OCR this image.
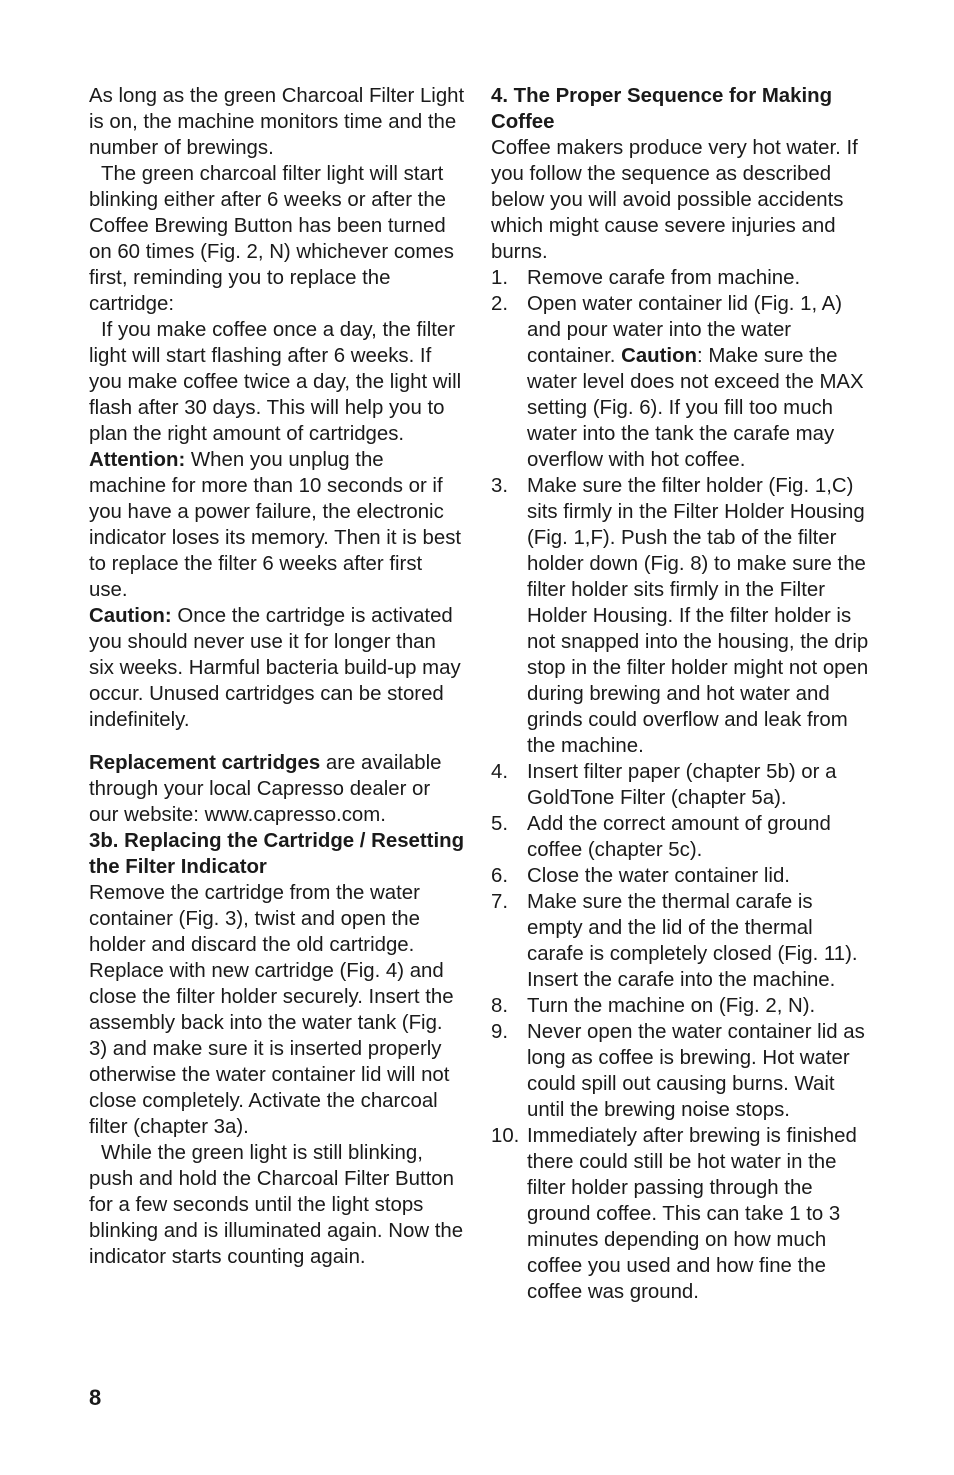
As long as the green Charcoal Filter Light is on, the machine monitors time and the number of brewings.

The green charcoal filter light will start blinking either after 6 weeks or after the Coffee Brewing Button has been turned on 60 times (Fig. 2, N) whichever comes first, reminding you to replace the cartridge:

If you make coffee once a day, the filter light will start flashing after 6 weeks. If you make coffee twice a day, the light will flash after 30 days. This will help you to plan the right amount of cartridges.

Attention: When you unplug the machine for more than 10 seconds or if you have a power failure, the electronic indicator loses its memory. Then it is best to replace the filter 6 weeks after first use.

Caution: Once the cartridge is activated you should never use it for longer than six weeks. Harmful bacteria build-up may occur. Unused cartridges can be stored indefinitely.

Replacement cartridges are available through your local Capresso dealer or our website: www.capresso.com.

3b. Replacing the Cartridge / Resetting the Filter Indicator

Remove the cartridge from the water container (Fig. 3), twist and open the holder and discard the old cartridge. Replace with new cartridge (Fig. 4) and close the filter holder securely. Insert the assembly back into the water tank (Fig. 3) and make sure it is inserted properly otherwise the water container lid will not close completely. Activate the charcoal filter (chapter 3a).

While the green light is still blinking, push and hold the Charcoal Filter Button for a few seconds until the light stops blinking and is illuminated again. Now the indicator starts counting again.

4. The Proper Sequence for Making Coffee

Coffee makers produce very hot water. If you follow the sequence as described below you will avoid possible accidents which might cause severe injuries and burns.

1. Remove carafe from machine.
2. Open water container lid (Fig. 1, A) and pour water into the water container. Caution: Make sure the water level does not exceed the MAX setting (Fig. 6). If you fill too much water into the tank the carafe may overflow with hot coffee.
3. Make sure the filter holder (Fig. 1,C) sits firmly in the Filter Holder Housing (Fig. 1,F). Push the tab of the filter holder down (Fig. 8) to make sure the filter holder sits firmly in the Filter Holder Housing. If the filter holder is not snapped into the housing, the drip stop in the filter holder might not open during brewing and hot water and grinds could overflow and leak from the machine.
4. Insert filter paper (chapter 5b) or a GoldTone Filter (chapter 5a).
5. Add the correct amount of ground coffee (chapter 5c).
6. Close the water container lid.
7. Make sure the thermal carafe is empty and the lid of the thermal carafe is completely closed (Fig. 11). Insert the carafe into the machine.
8. Turn the machine on (Fig. 2, N).
9. Never open the water container lid as long as coffee is brewing. Hot water could spill out causing burns. Wait until the brewing noise stops.
10. Immediately after brewing is finished there could still be hot water in the filter holder passing through the ground coffee. This can take 1 to 3 minutes depending on how much coffee you used and how fine the coffee was ground.
8
